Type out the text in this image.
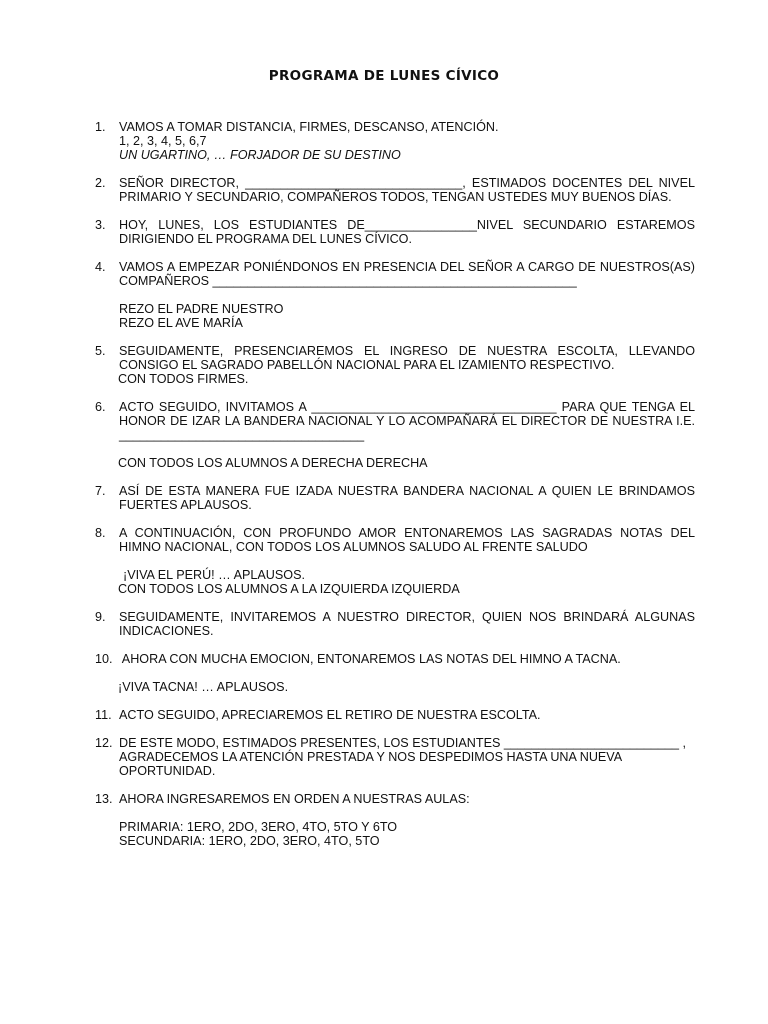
PROGRAMA DE LUNES CÍVICO
1.	VAMOS A TOMAR DISTANCIA, FIRMES, DESCANSO, ATENCIÓN.
1, 2, 3, 4, 5, 6,7
UN UGARTINO, … FORJADOR DE SU DESTINO
2.	SEÑOR DIRECTOR, _______________________________, ESTIMADOS DOCENTES DEL NIVEL PRIMARIO Y SECUNDARIO, COMPAÑEROS TODOS, TENGAN USTEDES MUY BUENOS DÍAS.
3.	HOY, LUNES, LOS ESTUDIANTES DE________________NIVEL SECUNDARIO ESTAREMOS DIRIGIENDO EL PROGRAMA DEL LUNES CÍVICO.
4.	VAMOS A EMPEZAR PONIÉNDONOS EN PRESENCIA DEL SEÑOR A CARGO DE NUESTROS(AS) COMPAÑEROS ____________________________________________________
REZO EL PADRE NUESTRO
REZO EL AVE MARÍA
5.	SEGUIDAMENTE, PRESENCIAREMOS EL INGRESO DE NUESTRA ESCOLTA, LLEVANDO CONSIGO EL SAGRADO PABELLÓN NACIONAL PARA EL IZAMIENTO RESPECTIVO.
CON TODOS FIRMES.
6.	ACTO SEGUIDO, INVITAMOS A ___________________________________ PARA QUE TENGA EL HONOR DE IZAR LA BANDERA NACIONAL Y LO ACOMPAÑARÁ EL DIRECTOR DE NUESTRA I.E. ___________________________________
CON TODOS LOS ALUMNOS A DERECHA DERECHA
7.	ASÍ DE ESTA MANERA FUE IZADA NUESTRA BANDERA NACIONAL A QUIEN LE BRINDAMOS FUERTES APLAUSOS.
8.	A CONTINUACIÓN, CON PROFUNDO AMOR ENTONAREMOS LAS SAGRADAS NOTAS DEL HIMNO NACIONAL, CON TODOS LOS ALUMNOS SALUDO AL FRENTE SALUDO
¡VIVA EL PERÚ! … APLAUSOS.
CON TODOS LOS ALUMNOS A LA IZQUIERDA IZQUIERDA
9.	SEGUIDAMENTE, INVITAREMOS A NUESTRO DIRECTOR, QUIEN NOS BRINDARÁ ALGUNAS INDICACIONES.
10. AHORA CON MUCHA EMOCION, ENTONAREMOS LAS NOTAS DEL HIMNO A TACNA.
¡VIVA TACNA! … APLAUSOS.
11. ACTO SEGUIDO, APRECIAREMOS EL RETIRO DE NUESTRA ESCOLTA.
12. DE ESTE MODO, ESTIMADOS PRESENTES, LOS ESTUDIANTES _________________________ ,
AGRADECEMOS LA ATENCIÓN PRESTADA Y NOS DESPEDIMOS HASTA UNA NUEVA
OPORTUNIDAD.
13. AHORA INGRESAREMOS EN ORDEN A NUESTRAS AULAS:
PRIMARIA: 1ERO, 2DO, 3ERO, 4TO, 5TO Y 6TO
SECUNDARIA: 1ERO, 2DO, 3ERO, 4TO, 5TO
